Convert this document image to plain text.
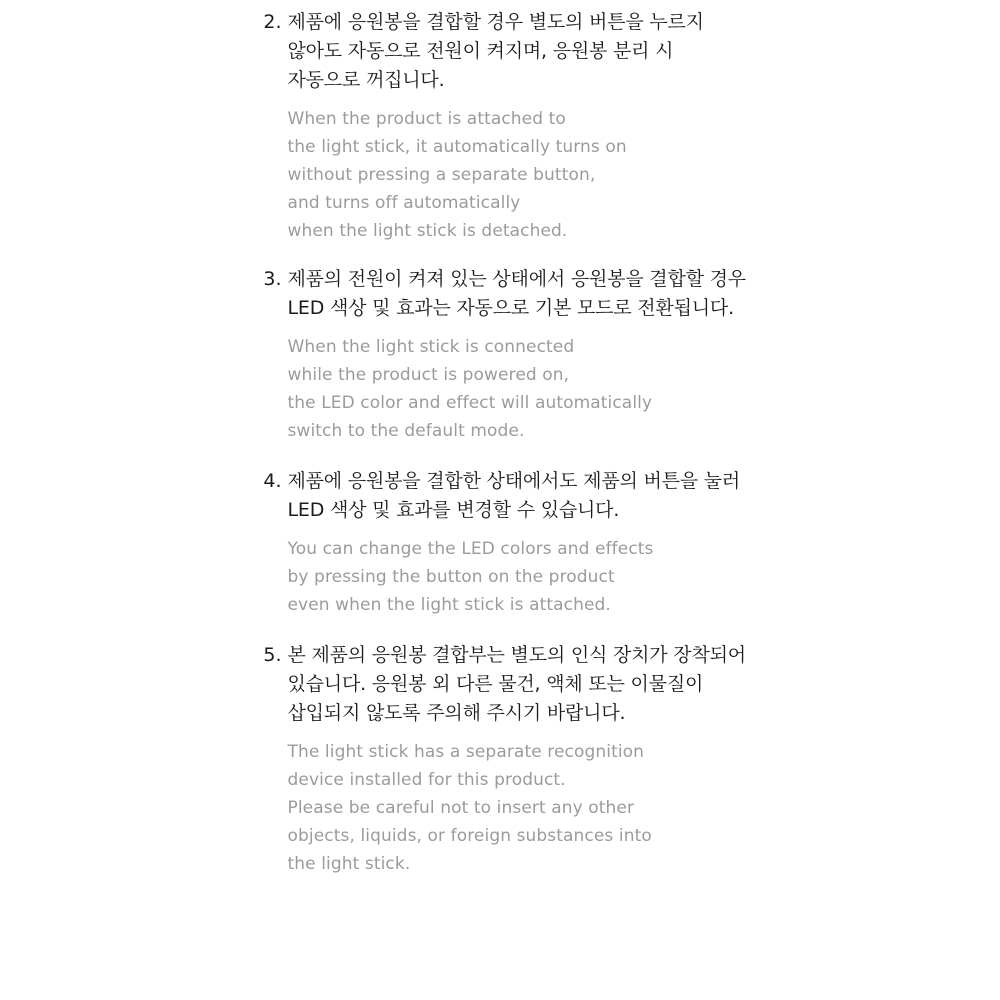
2. 제품에 응원봉을 결합할 경우 별도의 버튼을 누르지 않아도 자동으로 전원이 켜지며, 응원봉 분리 시 자동으로 꺼집니다.

When the product is attached to
the light stick, it automatically turns on
without pressing a separate button,
and turns off automatically
when the light stick is detached.
3. 제품의 전원이 켜져 있는 상태에서 응원봉을 결합할 경우 LED 색상 및 효과는 자동으로 기본 모드로 전환됩니다.

When the light stick is connected
while the product is powered on,
the LED color and effect will automatically
switch to the default mode.
4. 제품에 응원봉을 결합한 상태에서도 제품의 버튼을 눌러 LED 색상 및 효과를 변경할 수 있습니다.

You can change the LED colors and effects
by pressing the button on the product
even when the light stick is attached.
5. 본 제품의 응원봉 결합부는 별도의 인식 장치가 장착되어 있습니다. 응원봉 외 다른 물건, 액체 또는 이물질이 삽입되지 않도록 주의해 주시기 바랍니다.

The light stick has a separate recognition
device installed for this product.
Please be careful not to insert any other
objects, liquids, or foreign substances into
the light stick.
